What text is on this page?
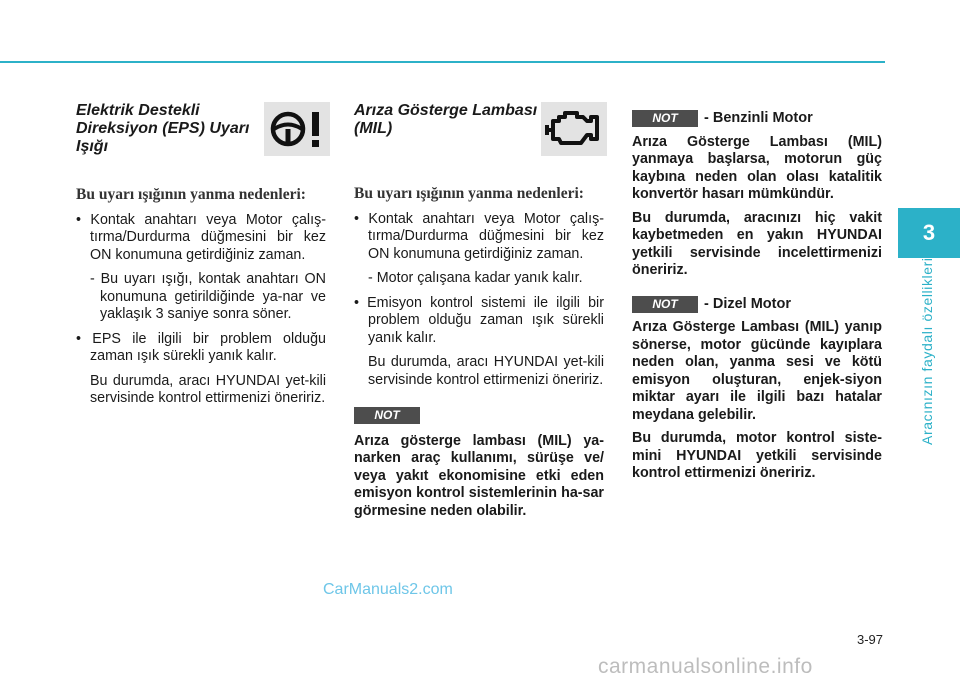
3
Aracınızın faydalı özellikleri
Elektrik Destekli Direksiyon (EPS) Uyarı Işığı
Bu uyarı ışığının yanma nedenleri:

• Kontak anahtarı veya Motor çalış-tırma/Durdurma düğmesini bir kez ON konumuna getirdiğiniz zaman.

- Bu uyarı ışığı, kontak anahtarı ON konumuna getirildiğinde ya-nar ve yaklaşık 3 saniye sonra söner.

• EPS ile ilgili bir problem olduğu zaman ışık sürekli yanık kalır.

Bu durumda, aracı HYUNDAI yet-kili servisinde kontrol ettirmenizi öneririz.

Arıza Gösterge Lambası (MIL)
Bu uyarı ışığının yanma nedenleri:

• Kontak anahtarı veya Motor çalış-tırma/Durdurma düğmesini bir kez ON konumuna getirdiğiniz zaman.

- Motor çalışana kadar yanık kalır.

• Emisyon kontrol sistemi ile ilgili bir problem olduğu zaman ışık sürekli yanık kalır.

Bu durumda, aracı HYUNDAI yet-kili servisinde kontrol ettirmenizi öneririz.

NOT

Arıza gösterge lambası (MIL) ya-narken araç kullanımı, sürüşe ve/ veya yakıt ekonomisine etki eden emisyon kontrol sistemlerinin ha-sar görmesine neden olabilir.

NOT	- Benzinli Motor

Arıza Gösterge Lambası (MIL) yanmaya başlarsa, motorun güç kaybına neden olan olası katalitik konvertör hasarı mümkündür.

Bu durumda, aracınızı hiç vakit kaybetmeden en yakın HYUNDAI yetkili servisinde incelettirmenizi öneririz.

NOT	- Dizel Motor

Arıza Gösterge Lambası (MIL) yanıp sönerse, motor gücünde kayıplara neden olan, yanma sesi ve kötü emisyon oluşturan, enjek-siyon miktar ayarı ile ilgili bazı hatalar meydana gelebilir.

Bu durumda, motor kontrol siste-mini HYUNDAI yetkili servisinde kontrol ettirmenizi öneririz.

3-97
CarManuals2.com
carmanualsonline.info
